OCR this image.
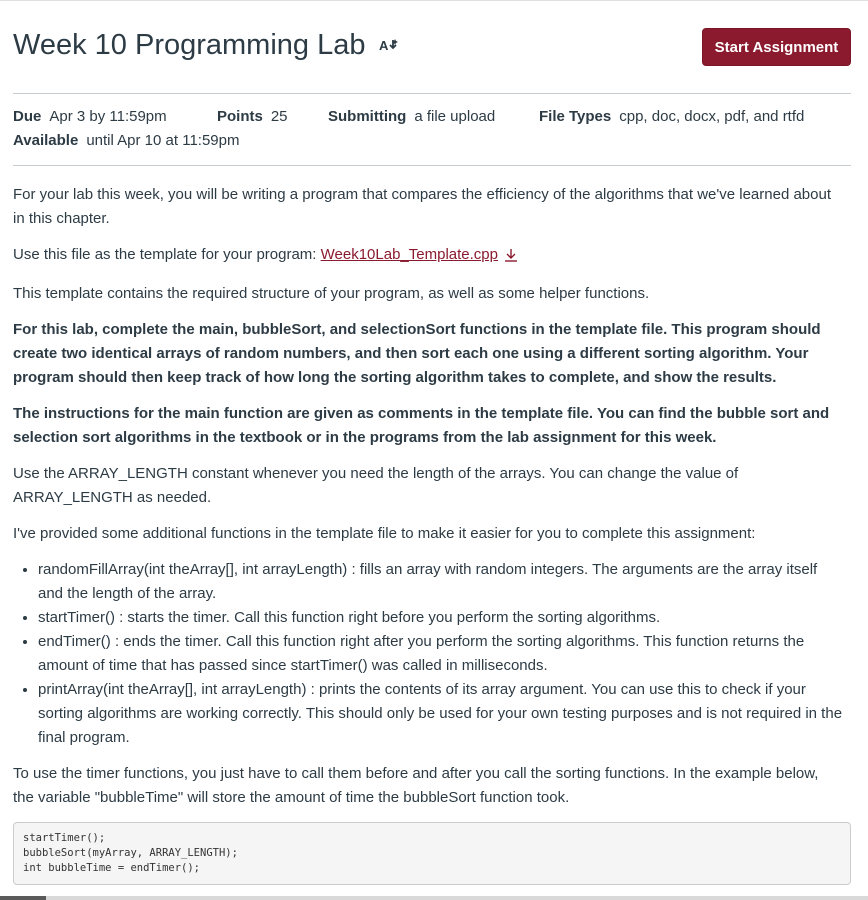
Week 10 Programming Lab A	Start Assignment
Due Apr 3 by 11:59pm	Points 25	Submitting a file upload	File Types cpp, doc, docx, pdf, and rtfd
Available until Apr 10 at 11:59pm

For your lab this week, you will be writing a program that compares the efficiency of the algorithms that we've learned about in this chapter.

Use this file as the template for your program: Week10Lab_Template.cpp

This template contains the required structure of your program, as well as some helper functions.

For this lab, complete the main, bubbleSort, and selectionSort functions in the template file. This program should create two identical arrays of random numbers, and then sort each one using a different sorting algorithm. Your program should then keep track of how long the sorting algorithm takes to complete, and show the results.

The instructions for the main function are given as comments in the template file. You can find the bubble sort and selection sort algorithms in the textbook or in the programs from the lab assignment for this week.

Use the ARRAY_LENGTH constant whenever you need the length of the arrays. You can change the value of ARRAY_LENGTH as needed.

I've provided some additional functions in the template file to make it easier for you to complete this assignment:

• randomFillArray(int theArray[], int arrayLength) : fills an array with random integers. The arguments are the array itself and the length of the array.
• startTimer() : starts the timer. Call this function right before you perform the sorting algorithms.
• endTimer() : ends the timer. Call this function right after you perform the sorting algorithms. This function returns the amount of time that has passed since startTimer() was called in milliseconds.
• printArray(int theArray[], int arrayLength) : prints the contents of its array argument. You can use this to check if your sorting algorithms are working correctly. This should only be used for your own testing purposes and is not required in the final program.

To use the timer functions, you just have to call them before and after you call the sorting functions. In the example below, the variable "bubbleTime" will store the amount of time the bubbleSort function took.

startTimer();
bubbleSort(myArray, ARRAY_LENGTH);
int bubbleTime = endTimer();
